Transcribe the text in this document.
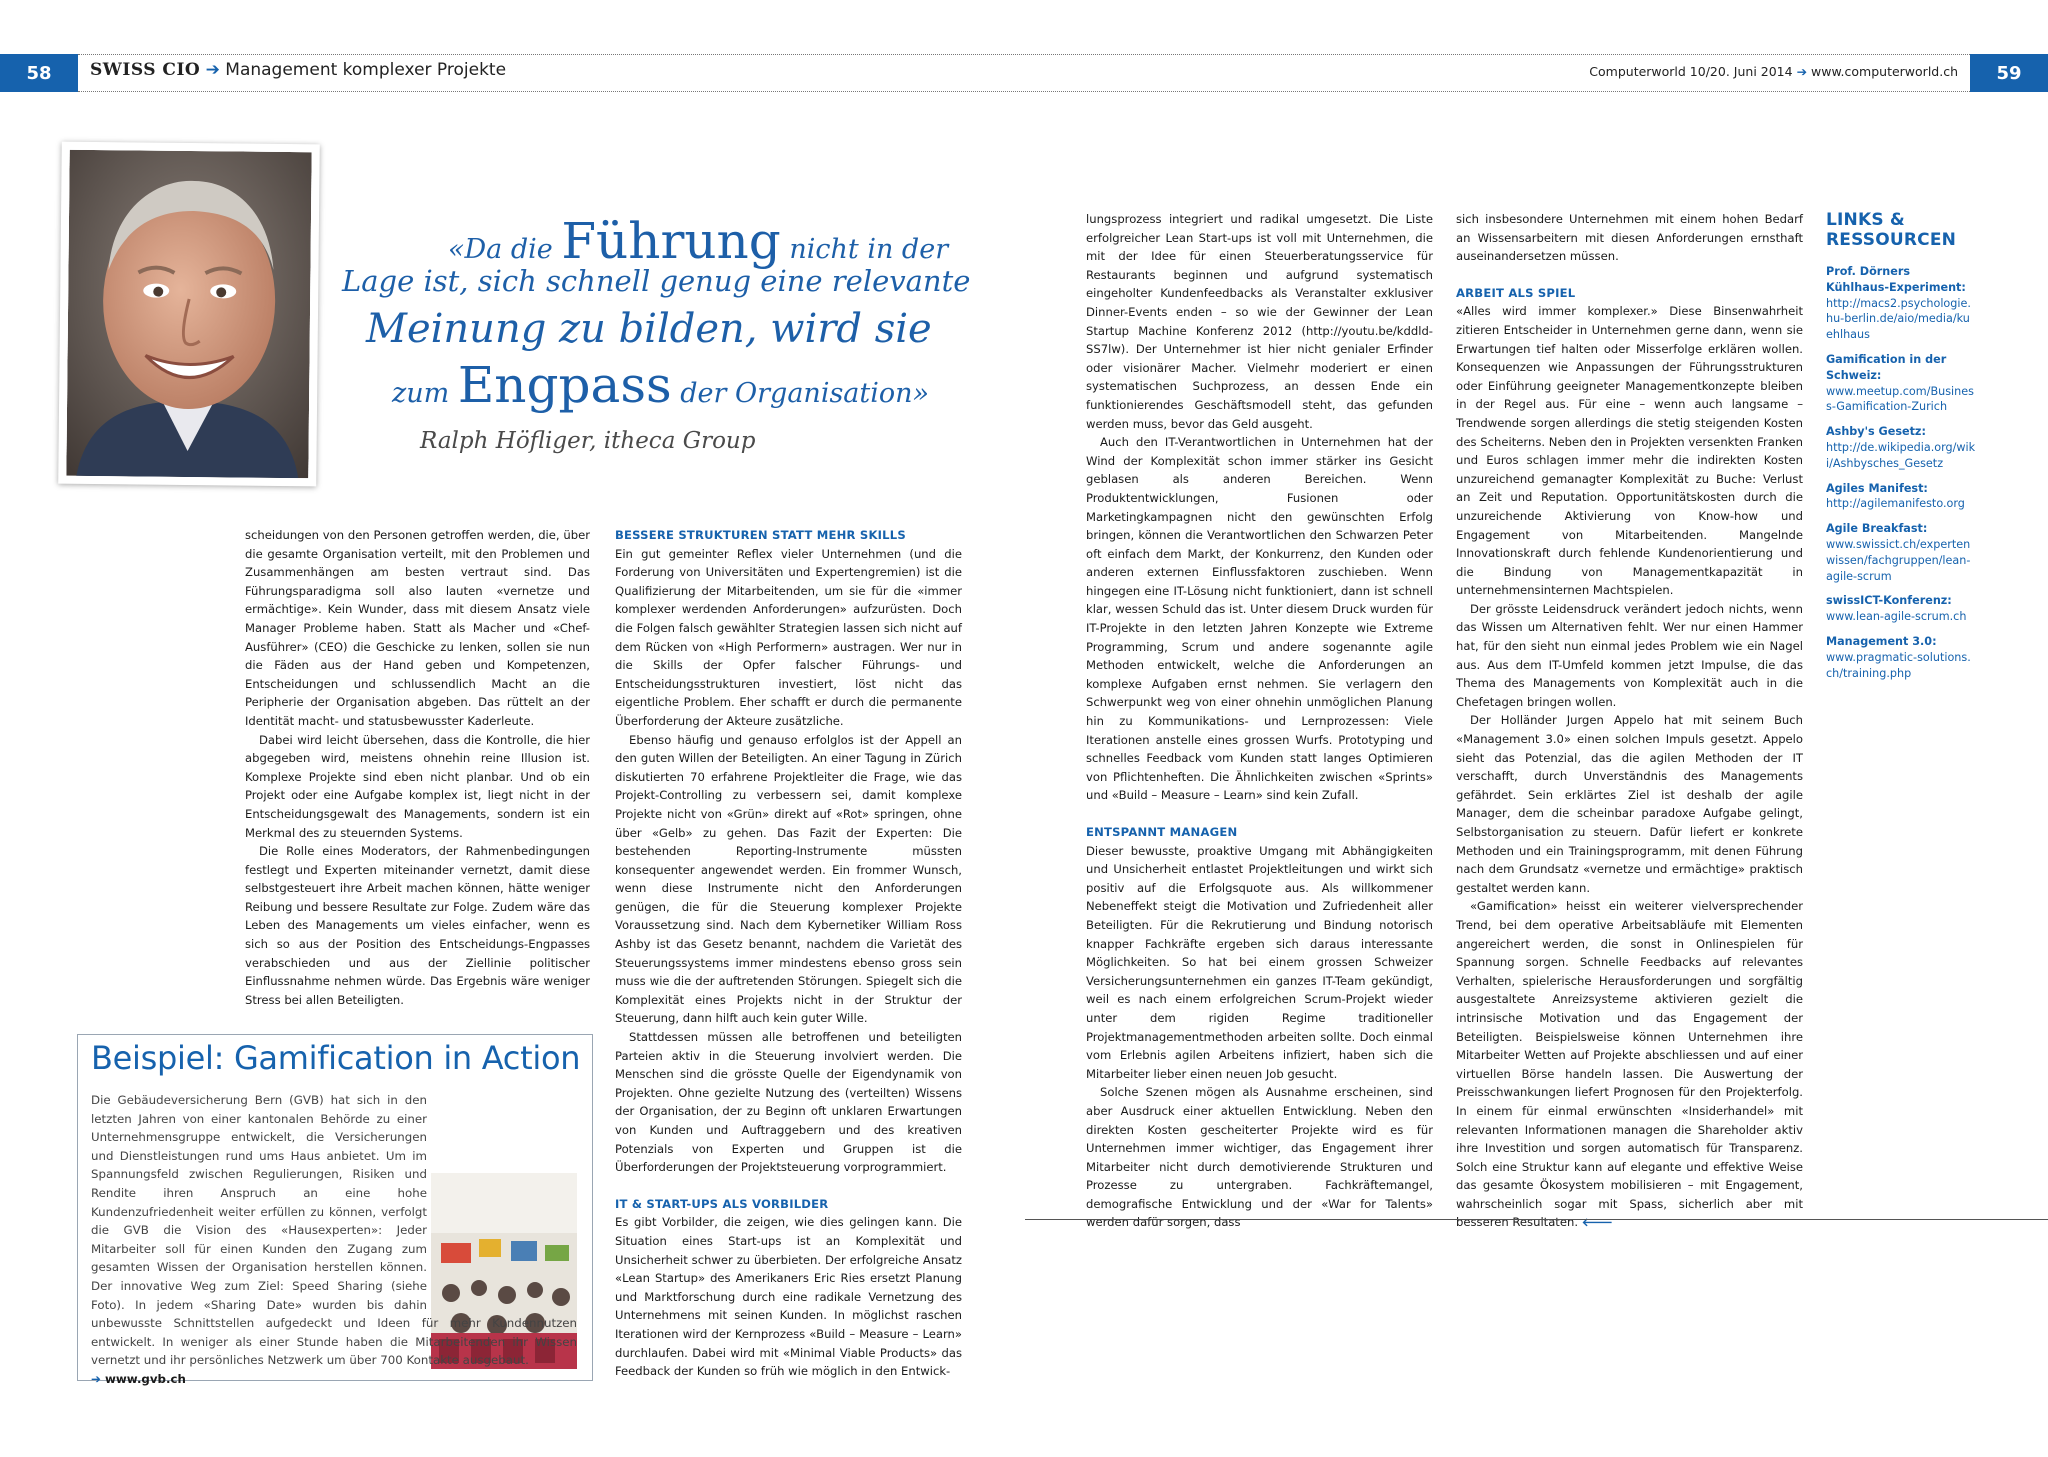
58	SWISS CIO ➔ Management komplexer Projekte	Computerworld 10/20. Juni 2014 ➔ www.computerworld.ch	59
«Da die Führung nicht in der
Lage ist, sich schnell genug eine relevante
Meinung zu bilden, wird sie
zum Engpass der Organisation»
Ralph Höfliger, itheca Group

scheidungen von den Personen getroffen werden, die, über die gesamte Organisation verteilt, mit den Problemen und Zusammenhängen am besten vertraut sind. Das Führungsparadigma soll also lauten «vernetze und ermächtige». Kein Wunder, dass mit diesem Ansatz viele Manager Probleme haben. Statt als Macher und «Chef-Ausführer» (CEO) die Geschicke zu lenken, sollen sie nun die Fäden aus der Hand geben und Kompetenzen, Entscheidungen und schlussendlich Macht an die Peripherie der Organisation abgeben. Das rüttelt an der Identität macht- und statusbewusster Kaderleute.

Dabei wird leicht übersehen, dass die Kontrolle, die hier abgegeben wird, meistens ohnehin reine Illusion ist. Komplexe Projekte sind eben nicht planbar. Und ob ein Projekt oder eine Aufgabe komplex ist, liegt nicht in der Entscheidungsgewalt des Managements, sondern ist ein Merkmal des zu steuernden Systems.

Die Rolle eines Moderators, der Rahmenbedingungen festlegt und Experten miteinander vernetzt, damit diese selbstgesteuert ihre Arbeit machen können, hätte weniger Reibung und bessere Resultate zur Folge. Zudem wäre das Leben des Managements um vieles einfacher, wenn es sich so aus der Position des Entscheidungs-Engpasses verabschieden und aus der Ziellinie politischer Einflussnahme nehmen würde. Das Ergebnis wäre weniger Stress bei allen Beteiligten.

Beispiel: Gamification in Action

Die Gebäudeversicherung Bern (GVB) hat sich in den letzten Jahren von einer kantonalen Behörde zu einer Unternehmensgruppe entwickelt, die Versicherungen und Dienstleistungen rund ums Haus anbietet. Um im Spannungsfeld zwischen Regulierungen, Risiken und Rendite ihren Anspruch an eine hohe Kundenzufriedenheit weiter erfüllen zu können, verfolgt die GVB die Vision des «Hausexperten»: Jeder Mitarbeiter soll für einen Kunden den Zugang zum gesamten Wissen der Organisation herstellen können. Der innovative Weg zum Ziel: Speed Sharing (siehe Foto). In jedem «Sharing Date» wurden bis dahin unbewusste Schnittstellen aufgedeckt und Ideen für mehr Kundennutzen entwickelt. In weniger als einer Stunde haben die Mitarbeitenden ihr Wissen vernetzt und ihr persönliches Netzwerk um über 700 Kontakte ausgebaut.

➔ www.gvb.ch

BESSERE STRUKTUREN STATT MEHR SKILLS

Ein gut gemeinter Reflex vieler Unternehmen (und die Forderung von Universitäten und Expertengremien) ist die Qualifizierung der Mitarbeitenden, um sie für die «immer komplexer werdenden Anforderungen» aufzurüsten. Doch die Folgen falsch gewählter Strategien lassen sich nicht auf dem Rücken von «High Performern» austragen. Wer nur in die Skills der Opfer falscher Führungs- und Entscheidungsstrukturen investiert, löst nicht das eigentliche Problem. Eher schafft er durch die permanente Überforderung der Akteure zusätzliche.

Ebenso häufig und genauso erfolglos ist der Appell an den guten Willen der Beteiligten. An einer Tagung in Zürich diskutierten 70 erfahrene Projektleiter die Frage, wie das Projekt-Controlling zu verbessern sei, damit komplexe Projekte nicht von «Grün» direkt auf «Rot» springen, ohne über «Gelb» zu gehen. Das Fazit der Experten: Die bestehenden Reporting-Instrumente müssten konsequenter angewendet werden. Ein frommer Wunsch, wenn diese Instrumente nicht den Anforderungen genügen, die für die Steuerung komplexer Projekte Voraussetzung sind. Nach dem Kybernetiker William Ross Ashby ist das Gesetz benannt, nachdem die Varietät des Steuerungssystems immer mindestens ebenso gross sein muss wie die der auftretenden Störungen. Spiegelt sich die Komplexität eines Projekts nicht in der Struktur der Steuerung, dann hilft auch kein guter Wille.

Stattdessen müssen alle betroffenen und beteiligten Parteien aktiv in die Steuerung involviert werden. Die Menschen sind die grösste Quelle der Eigendynamik von Projekten. Ohne gezielte Nutzung des (verteilten) Wissens der Organisation, der zu Beginn oft unklaren Erwartungen von Kunden und Auftraggebern und des kreativen Potenzials von Experten und Gruppen ist die Überforderungen der Projektsteuerung vorprogrammiert.

IT & START-UPS ALS VORBILDER

Es gibt Vorbilder, die zeigen, wie dies gelingen kann. Die Situation eines Start-ups ist an Komplexität und Unsicherheit schwer zu überbieten. Der erfolgreiche Ansatz «Lean Startup» des Amerikaners Eric Ries ersetzt Planung und Marktforschung durch eine radikale Vernetzung des Unternehmens mit seinen Kunden. In möglichst raschen Iterationen wird der Kernprozess «Build – Measure – Learn» durchlaufen. Dabei wird mit «Minimal Viable Products» das Feedback der Kunden so früh wie möglich in den Entwick-

lungsprozess integriert und radikal umgesetzt. Die Liste erfolgreicher Lean Start-ups ist voll mit Unternehmen, die mit der Idee für einen Steuerberatungsservice für Restaurants beginnen und aufgrund systematisch eingeholter Kundenfeedbacks als Veranstalter exklusiver Dinner-Events enden – so wie der Gewinner der Lean Startup Machine Konferenz 2012 (http://youtu.be/kddld-SS7lw). Der Unternehmer ist hier nicht genialer Erfinder oder visionärer Macher. Vielmehr moderiert er einen systematischen Suchprozess, an dessen Ende ein funktionierendes Geschäftsmodell steht, das gefunden werden muss, bevor das Geld ausgeht.

Auch den IT-Verantwortlichen in Unternehmen hat der Wind der Komplexität schon immer stärker ins Gesicht geblasen als anderen Bereichen. Wenn Produktentwicklungen, Fusionen oder Marketingkampagnen nicht den gewünschten Erfolg bringen, können die Verantwortlichen den Schwarzen Peter oft einfach dem Markt, der Konkurrenz, den Kunden oder anderen externen Einflussfaktoren zuschieben. Wenn hingegen eine IT-Lösung nicht funktioniert, dann ist schnell klar, wessen Schuld das ist. Unter diesem Druck wurden für IT-Projekte in den letzten Jahren Konzepte wie Extreme Programming, Scrum und andere sogenannte agile Methoden entwickelt, welche die Anforderungen an komplexe Aufgaben ernst nehmen. Sie verlagern den Schwerpunkt weg von einer ohnehin unmöglichen Planung hin zu Kommunikations- und Lernprozessen: Viele Iterationen anstelle eines grossen Wurfs. Prototyping und schnelles Feedback vom Kunden statt langes Optimieren von Pflichtenheften. Die Ähnlichkeiten zwischen «Sprints» und «Build – Measure – Learn» sind kein Zufall.

ENTSPANNT MANAGEN

Dieser bewusste, proaktive Umgang mit Abhängigkeiten und Unsicherheit entlastet Projektleitungen und wirkt sich positiv auf die Erfolgsquote aus. Als willkommener Nebeneffekt steigt die Motivation und Zufriedenheit aller Beteiligten. Für die Rekrutierung und Bindung notorisch knapper Fachkräfte ergeben sich daraus interessante Möglichkeiten. So hat bei einem grossen Schweizer Versicherungsunternehmen ein ganzes IT-Team gekündigt, weil es nach einem erfolgreichen Scrum-Projekt wieder unter dem rigiden Regime traditioneller Projektmanagementmethoden arbeiten sollte. Doch einmal vom Erlebnis agilen Arbeitens infiziert, haben sich die Mitarbeiter lieber einen neuen Job gesucht.

Solche Szenen mögen als Ausnahme erscheinen, sind aber Ausdruck einer aktuellen Entwicklung. Neben den direkten Kosten gescheiterter Projekte wird es für Unternehmen immer wichtiger, das Engagement ihrer Mitarbeiter nicht durch demotivierende Strukturen und Prozesse zu untergraben. Fachkräftemangel, demografische Entwicklung und der «War for Talents» werden dafür sorgen, dass

sich insbesondere Unternehmen mit einem hohen Bedarf an Wissensarbeitern mit diesen Anforderungen ernsthaft auseinandersetzen müssen.

ARBEIT ALS SPIEL

«Alles wird immer komplexer.» Diese Binsenwahrheit zitieren Entscheider in Unternehmen gerne dann, wenn sie Erwartungen tief halten oder Misserfolge erklären wollen. Konsequenzen wie Anpassungen der Führungsstrukturen oder Einführung geeigneter Managementkonzepte bleiben in der Regel aus. Für eine – wenn auch langsame – Trendwende sorgen allerdings die stetig steigenden Kosten des Scheiterns. Neben den in Projekten versenkten Franken und Euros schlagen immer mehr die indirekten Kosten unzureichend gemanagter Komplexität zu Buche: Verlust an Zeit und Reputation. Opportunitätskosten durch die unzureichende Aktivierung von Know-how und Engagement von Mitarbeitenden. Mangelnde Innovationskraft durch fehlende Kundenorientierung und die Bindung von Managementkapazität in unternehmensinternen Machtspielen.

Der grösste Leidensdruck verändert jedoch nichts, wenn das Wissen um Alternativen fehlt. Wer nur einen Hammer hat, für den sieht nun einmal jedes Problem wie ein Nagel aus. Aus dem IT-Umfeld kommen jetzt Impulse, die das Thema des Managements von Komplexität auch in die Chefetagen bringen wollen.

Der Holländer Jurgen Appelo hat mit seinem Buch «Management 3.0» einen solchen Impuls gesetzt. Appelo sieht das Potenzial, das die agilen Methoden der IT verschafft, durch Unverständnis des Managements gefährdet. Sein erklärtes Ziel ist deshalb der agile Manager, dem die scheinbar paradoxe Aufgabe gelingt, Selbstorganisation zu steuern. Dafür liefert er konkrete Methoden und ein Trainingsprogramm, mit denen Führung nach dem Grundsatz «vernetze und ermächtige» praktisch gestaltet werden kann.

«Gamification» heisst ein weiterer vielversprechender Trend, bei dem operative Arbeitsabläufe mit Elementen angereichert werden, die sonst in Onlinespielen für Spannung sorgen. Schnelle Feedbacks auf relevantes Verhalten, spielerische Herausforderungen und sorgfältig ausgestaltete Anreizsysteme aktivieren gezielt die intrinsische Motivation und das Engagement der Beteiligten. Beispielsweise können Unternehmen ihre Mitarbeiter Wetten auf Projekte abschliessen und auf einer virtuellen Börse handeln lassen. Die Auswertung der Preisschwankungen liefert Prognosen für den Projekterfolg. In einem für einmal erwünschten «Insiderhandel» mit relevanten Informationen managen die Shareholder aktiv ihre Investition und sorgen automatisch für Transparenz. Solch eine Struktur kann auf elegante und effektive Weise das gesamte Ökosystem mobilisieren – mit Engagement, wahrscheinlich sogar mit Spass, sicherlich aber mit besseren Resultaten. 🡐

LINKS & RESSOURCEN
Prof. Dörners Kühlhaus-Experiment:
http://macs2.psychologie.hu-berlin.de/aio/media/kuehlhaus
Gamification in der Schweiz:
www.meetup.com/Business-Gamification-Zurich
Ashby's Gesetz:
http://de.wikipedia.org/wiki/Ashbysches_Gesetz
Agiles Manifest:
http://agilemanifesto.org
Agile Breakfast:
www.swissict.ch/expertenwissen/fachgruppen/lean-agile-scrum
swissICT-Konferenz:
www.lean-agile-scrum.ch
Management 3.0:
www.pragmatic-solutions.ch/training.php
